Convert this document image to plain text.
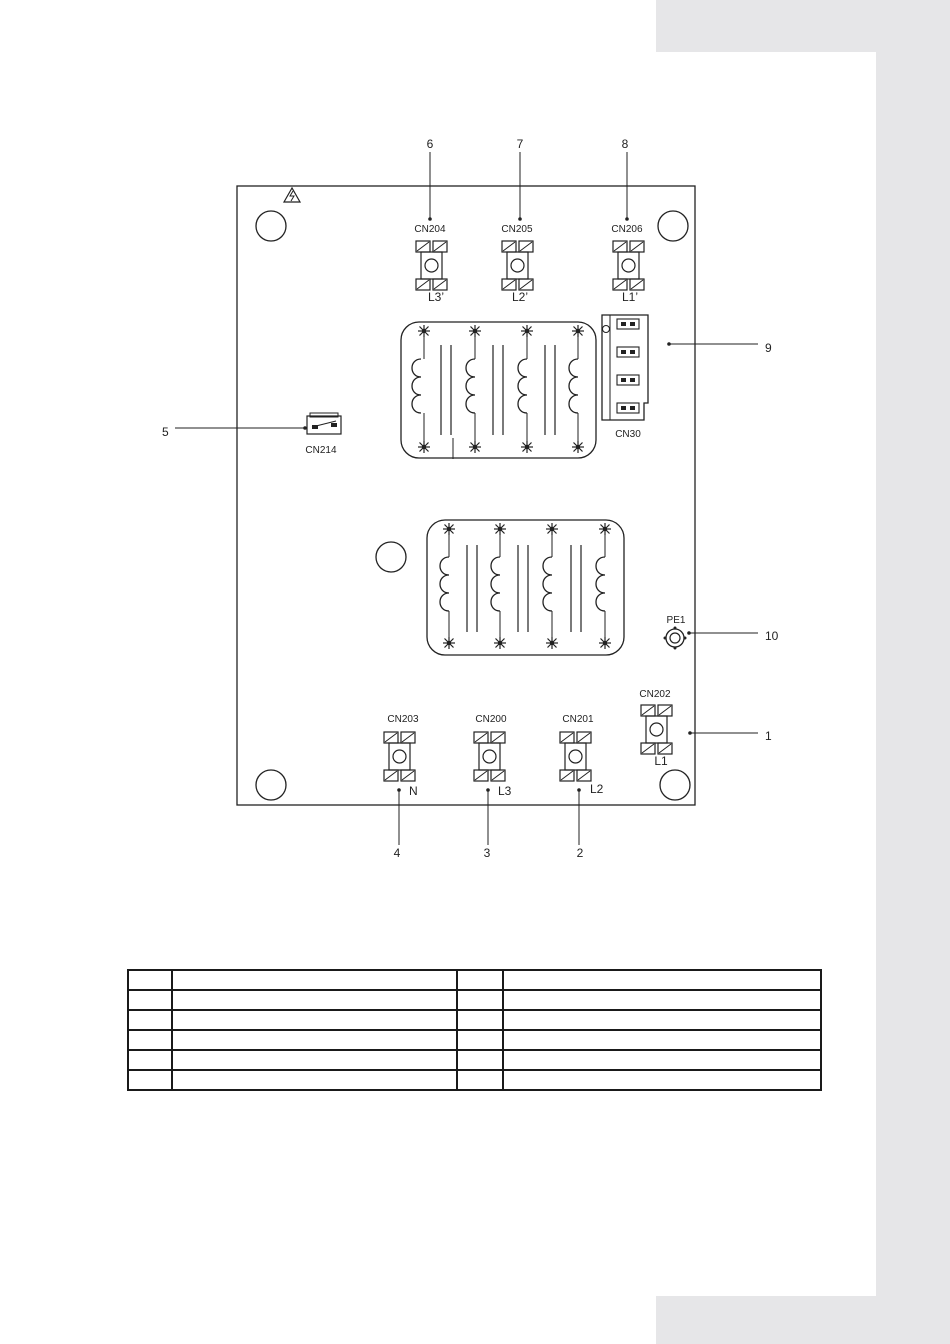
6	7	8
CN204	CN205	CN206
L3’	L2’	L1’
CN30
9
5
CN214
PE1
10
CN202
L1
1
CN203	CN200	CN201
N	L3	L2
4	3	2
